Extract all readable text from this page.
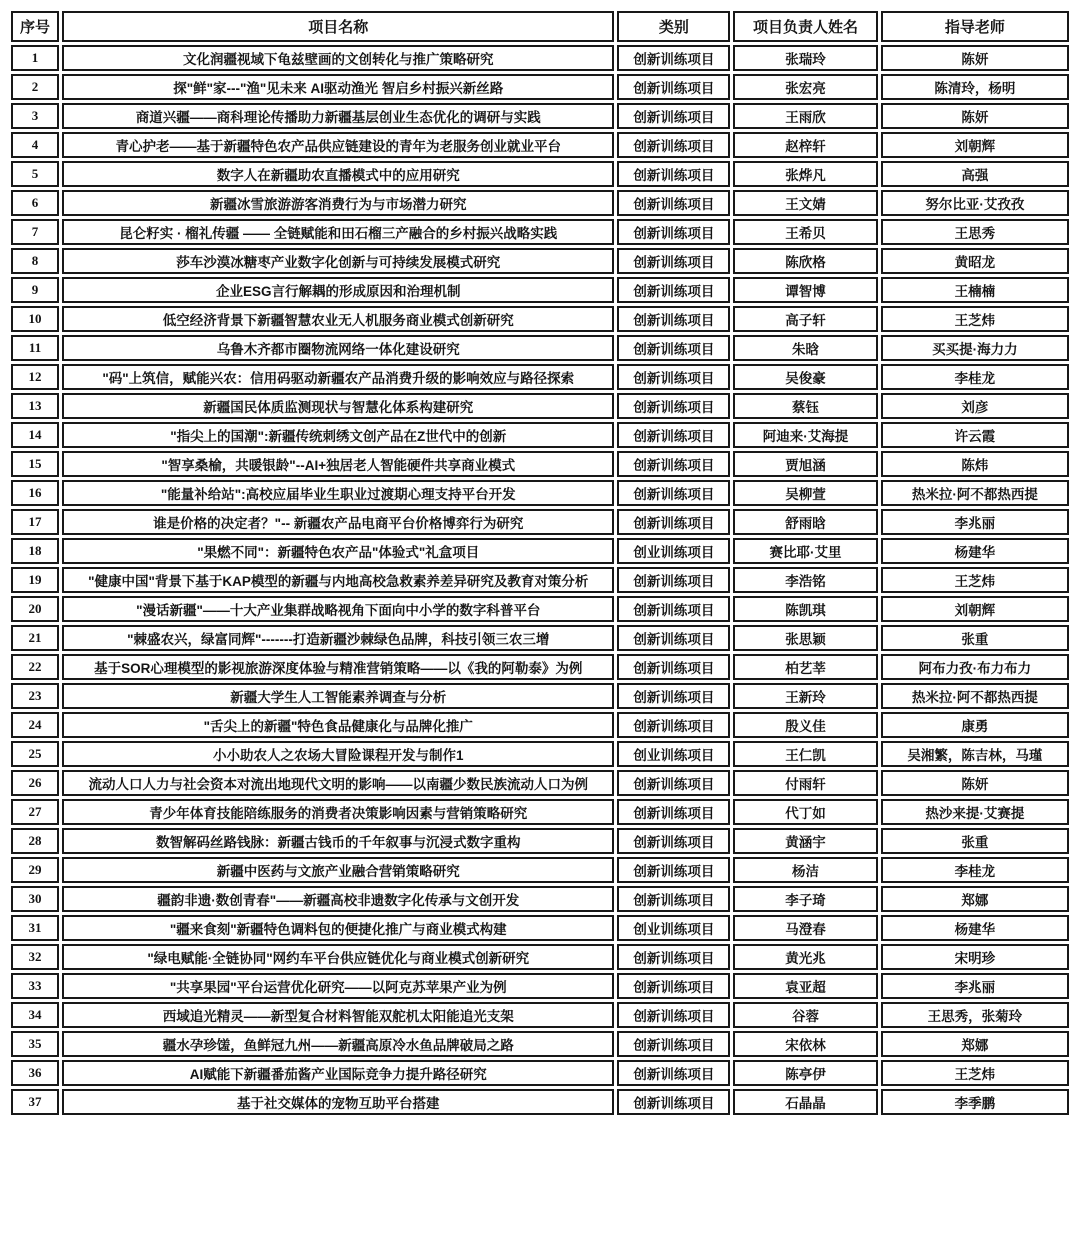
序号	项目名称	类别	项目负责人姓名	指导老师
1	文化润疆视域下龟兹壁画的文创转化与推广策略研究	创新训练项目	张瑞玲	陈妍
2	探"鲜"家---"渔"见未来 AI驱动渔光 智启乡村振兴新丝路	创新训练项目	张宏亮	陈清玲，杨明
3	商道兴疆——商科理论传播助力新疆基层创业生态优化的调研与实践	创新训练项目	王雨欣	陈妍
4	青心护老——基于新疆特色农产品供应链建设的青年为老服务创业就业平台	创新训练项目	赵梓轩	刘朝辉
5	数字人在新疆助农直播模式中的应用研究	创新训练项目	张烨凡	高强
6	新疆冰雪旅游游客消费行为与市场潜力研究	创新训练项目	王文婧	努尔比亚·艾孜孜
7	昆仑籽实 · 榴礼传疆 —— 全链赋能和田石榴三产融合的乡村振兴战略实践	创新训练项目	王希贝	王思秀
8	莎车沙漠冰糖枣产业数字化创新与可持续发展模式研究	创新训练项目	陈欣格	黄昭龙
9	企业ESG言行解耦的形成原因和治理机制	创新训练项目	谭智博	王楠楠
10	低空经济背景下新疆智慧农业无人机服务商业模式创新研究	创新训练项目	高子轩	王芝炜
11	乌鲁木齐都市圈物流网络一体化建设研究	创新训练项目	朱晗	买买提·海力力
12	"码"上筑信，赋能兴农：信用码驱动新疆农产品消费升级的影响效应与路径探索	创新训练项目	吴俊豪	李桂龙
13	新疆国民体质监测现状与智慧化体系构建研究	创新训练项目	蔡钰	刘彦
14	"指尖上的国潮":新疆传统刺绣文创产品在Z世代中的创新	创新训练项目	阿迪来·艾海提	许云霞
15	"智享桑榆，共暖银龄"--AI+独居老人智能硬件共享商业模式	创新训练项目	贾旭涵	陈炜
16	"能量补给站":高校应届毕业生职业过渡期心理支持平台开发	创新训练项目	吴柳萱	热米拉·阿不都热西提
17	谁是价格的决定者？"-- 新疆农产品电商平台价格博弈行为研究	创新训练项目	舒雨晗	李兆丽
18	"果燃不同"：新疆特色农产品"体验式"礼盒项目	创业训练项目	赛比耶·艾里	杨建华
19	"健康中国"背景下基于KAP模型的新疆与内地高校急救素养差异研究及教育对策分析	创新训练项目	李浩铭	王芝炜
20	"漫话新疆"——十大产业集群战略视角下面向中小学的数字科普平台	创新训练项目	陈凯琪	刘朝辉
21	"棘盛农兴，绿富同辉"-------打造新疆沙棘绿色品牌，科技引领三农三增	创新训练项目	张思颖	张重
22	基于SOR心理模型的影视旅游深度体验与精准营销策略——以《我的阿勒泰》为例	创新训练项目	柏艺莘	阿布力孜·布力布力
23	新疆大学生人工智能素养调查与分析	创新训练项目	王新玲	热米拉·阿不都热西提
24	"舌尖上的新疆"特色食品健康化与品牌化推广	创新训练项目	殷义佳	康勇
25	小小助农人之农场大冒险课程开发与制作1	创业训练项目	王仁凯	吴湘繁，陈吉林，马瑾
26	流动人口人力与社会资本对流出地现代文明的影响——以南疆少数民族流动人口为例	创新训练项目	付雨轩	陈妍
27	青少年体育技能陪练服务的消费者决策影响因素与营销策略研究	创新训练项目	代丁如	热沙来提·艾赛提
28	数智解码丝路钱脉：新疆古钱币的千年叙事与沉浸式数字重构	创新训练项目	黄涵宇	张重
29	新疆中医药与文旅产业融合营销策略研究	创新训练项目	杨洁	李桂龙
30	疆韵非遗·数创青春"——新疆高校非遗数字化传承与文创开发	创新训练项目	李子琦	郑娜
31	"疆来食刻"新疆特色调料包的便捷化推广与商业模式构建	创业训练项目	马澄春	杨建华
32	"绿电赋能·全链协同"网约车平台供应链优化与商业模式创新研究	创新训练项目	黄光兆	宋明珍
33	"共享果园"平台运营优化研究——以阿克苏苹果产业为例	创新训练项目	袁亚超	李兆丽
34	西域追光精灵——新型复合材料智能双舵机太阳能追光支架	创新训练项目	谷蓉	王思秀，张菊玲
35	疆水孕珍馐，鱼鲜冠九州——新疆高原冷水鱼品牌破局之路	创新训练项目	宋依林	郑娜
36	AI赋能下新疆番茄酱产业国际竞争力提升路径研究	创新训练项目	陈亭伊	王芝炜
37	基于社交媒体的宠物互助平台搭建	创新训练项目	石晶晶	李季鹏
